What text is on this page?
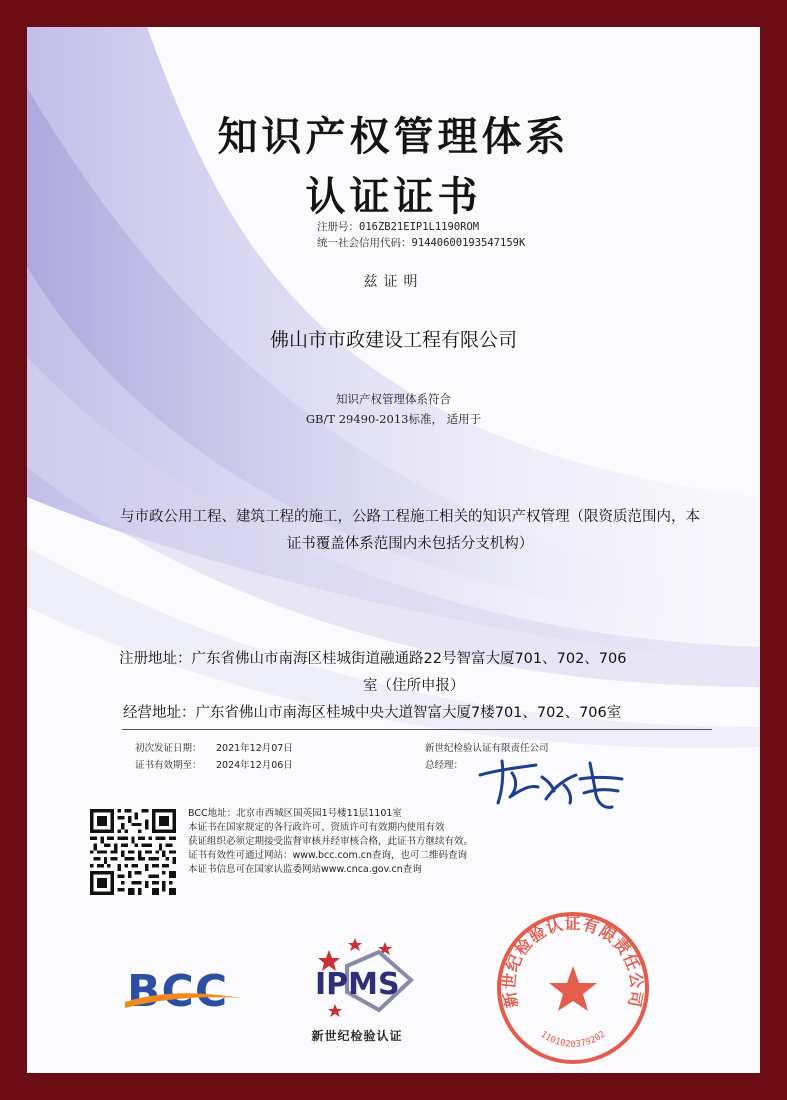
知识产权管理体系
认证证书
注册号：016ZB21EIP1L1190ROM
统一社会信用代码：91440600193547159K
兹证明
佛山市市政建设工程有限公司
知识产权管理体系符合
GB/T 29490-2013标准， 适用于
与市政公用工程、建筑工程的施工，公路工程施工相关的知识产权管理（限资质范围内，本证书覆盖体系范围内未包括分支机构）
注册地址：广东省佛山市南海区桂城街道融通路22号智富大厦701、702、706
室（住所申报）
经营地址：广东省佛山市南海区桂城中央大道智富大厦7楼701、702、706室
初次发证日期： 2021年12月07日
证书有效期至： 2024年12月06日
新世纪检验认证有限责任公司
总经理：
BCC地址：北京市西城区国英园1号楼11层1101室
本证书在国家规定的各行政许可、资质许可有效期内使用有效
获证组织必须定期接受监督审核并经审核合格，此证书方继续有效。
证书有效性可通过网站：www.bcc.com.cn查询，也可二维码查询
本证书信息可在国家认监委网站www.cnca.gov.cn查询
BCC	IPMS
新世纪检验认证
新世纪检验认证有限责任公司
1101020379202
